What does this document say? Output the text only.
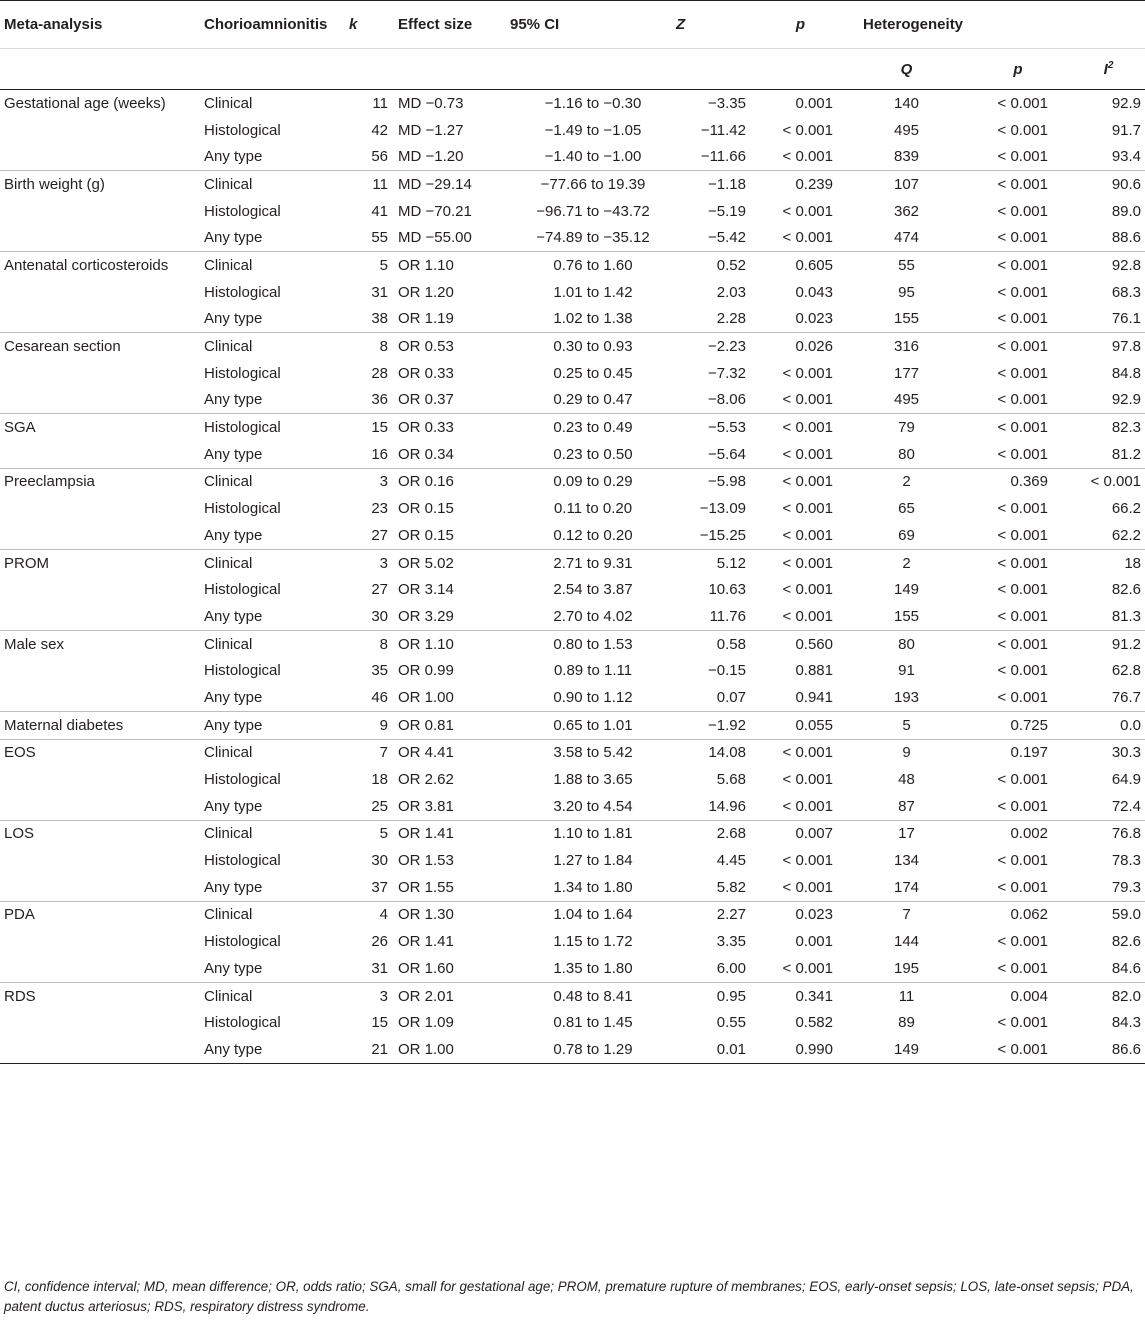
Meta-analysis	Chorioamnionitis	k	Effect size	95% CI	Z	p	Heterogeneity		
							Q	p	$I^2$
Gestational age (weeks)	Clinical	11	MD −0.73	−1.16 to −0.30	−3.35	0.001	140	< 0.001	92.9
	Histological	42	MD −1.27	−1.49 to −1.05	−11.42	< 0.001	495	< 0.001	91.7
	Any type	56	MD −1.20	−1.40 to −1.00	−11.66	< 0.001	839	< 0.001	93.4
Birth weight (g)	Clinical	11	MD −29.14	−77.66 to 19.39	−1.18	0.239	107	< 0.001	90.6
	Histological	41	MD −70.21	−96.71 to −43.72	−5.19	< 0.001	362	< 0.001	89.0
	Any type	55	MD −55.00	−74.89 to −35.12	−5.42	< 0.001	474	< 0.001	88.6
Antenatal corticosteroids	Clinical	5	OR 1.10	0.76 to 1.60	0.52	0.605	55	< 0.001	92.8
	Histological	31	OR 1.20	1.01 to 1.42	2.03	0.043	95	< 0.001	68.3
	Any type	38	OR 1.19	1.02 to 1.38	2.28	0.023	155	< 0.001	76.1
Cesarean section	Clinical	8	OR 0.53	0.30 to 0.93	−2.23	0.026	316	< 0.001	97.8
	Histological	28	OR 0.33	0.25 to 0.45	−7.32	< 0.001	177	< 0.001	84.8
	Any type	36	OR 0.37	0.29 to 0.47	−8.06	< 0.001	495	< 0.001	92.9
SGA	Histological	15	OR 0.33	0.23 to 0.49	−5.53	< 0.001	79	< 0.001	82.3
	Any type	16	OR 0.34	0.23 to 0.50	−5.64	< 0.001	80	< 0.001	81.2
Preeclampsia	Clinical	3	OR 0.16	0.09 to 0.29	−5.98	< 0.001	2	0.369	< 0.001
	Histological	23	OR 0.15	0.11 to 0.20	−13.09	< 0.001	65	< 0.001	66.2
	Any type	27	OR 0.15	0.12 to 0.20	−15.25	< 0.001	69	< 0.001	62.2
PROM	Clinical	3	OR 5.02	2.71 to 9.31	5.12	< 0.001	2	< 0.001	18
	Histological	27	OR 3.14	2.54 to 3.87	10.63	< 0.001	149	< 0.001	82.6
	Any type	30	OR 3.29	2.70 to 4.02	11.76	< 0.001	155	< 0.001	81.3
Male sex	Clinical	8	OR 1.10	0.80 to 1.53	0.58	0.560	80	< 0.001	91.2
	Histological	35	OR 0.99	0.89 to 1.11	−0.15	0.881	91	< 0.001	62.8
	Any type	46	OR 1.00	0.90 to 1.12	0.07	0.941	193	< 0.001	76.7
Maternal diabetes	Any type	9	OR 0.81	0.65 to 1.01	−1.92	0.055	5	0.725	0.0
EOS	Clinical	7	OR 4.41	3.58 to 5.42	14.08	< 0.001	9	0.197	30.3
	Histological	18	OR 2.62	1.88 to 3.65	5.68	< 0.001	48	< 0.001	64.9
	Any type	25	OR 3.81	3.20 to 4.54	14.96	< 0.001	87	< 0.001	72.4
LOS	Clinical	5	OR 1.41	1.10 to 1.81	2.68	0.007	17	0.002	76.8
	Histological	30	OR 1.53	1.27 to 1.84	4.45	< 0.001	134	< 0.001	78.3
	Any type	37	OR 1.55	1.34 to 1.80	5.82	< 0.001	174	< 0.001	79.3
PDA	Clinical	4	OR 1.30	1.04 to 1.64	2.27	0.023	7	0.062	59.0
	Histological	26	OR 1.41	1.15 to 1.72	3.35	0.001	144	< 0.001	82.6
	Any type	31	OR 1.60	1.35 to 1.80	6.00	< 0.001	195	< 0.001	84.6
RDS	Clinical	3	OR 2.01	0.48 to 8.41	0.95	0.341	11	0.004	82.0
	Histological	15	OR 1.09	0.81 to 1.45	0.55	0.582	89	< 0.001	84.3
	Any type	21	OR 1.00	0.78 to 1.29	0.01	0.990	149	< 0.001	86.6
CI, confidence interval; MD, mean difference; OR, odds ratio; SGA, small for gestational age; PROM, premature rupture of membranes; EOS, early-onset sepsis; LOS, late-onset sepsis; PDA, patent ductus arteriosus; RDS, respiratory distress syndrome.
